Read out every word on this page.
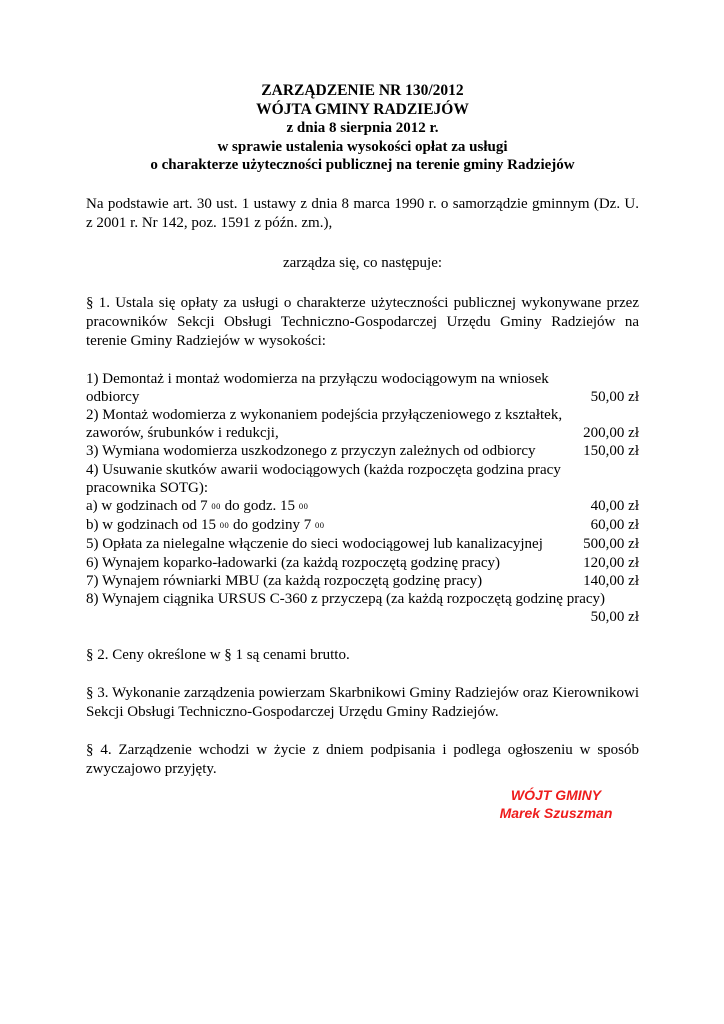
ZARZĄDZENIE NR 130/2012
WÓJTA GMINY RADZIEJÓW
z dnia 8 sierpnia 2012 r.
w sprawie ustalenia wysokości opłat za usługi
o charakterze użyteczności publicznej na terenie gminy Radziejów

Na podstawie art. 30 ust. 1 ustawy z dnia 8 marca 1990 r. o samorządzie gminnym (Dz. U. z 2001 r. Nr 142, poz. 1591 z późn. zm.),

zarządza się, co następuje:

§ 1. Ustala się opłaty za usługi o charakterze użyteczności publicznej wykonywane przez pracowników Sekcji Obsługi Techniczno-Gospodarczej Urzędu Gminy Radziejów na terenie Gminy Radziejów w wysokości:

1) Demontaż i montaż wodomierza na przyłączu wodociągowym na wniosek
odbiorcy	50,00 zł
2) Montaż wodomierza z wykonaniem podejścia przyłączeniowego z kształtek,
zaworów, śrubunków i redukcji,	200,00 zł
3) Wymiana wodomierza uszkodzonego z przyczyn zależnych od odbiorcy	150,00 zł
4) Usuwanie skutków awarii wodociągowych (każda rozpoczęta godzina pracy
pracownika SOTG):
a) w godzinach od 7 00 do godz. 15 00	40,00 zł
b) w godzinach od 15 00 do godziny 7 00	60,00 zł
5) Opłata za nielegalne włączenie do sieci wodociągowej lub kanalizacyjnej	500,00 zł
6) Wynajem koparko-ładowarki (za każdą rozpoczętą godzinę pracy)	120,00 zł
7) Wynajem równiarki MBU (za każdą rozpoczętą godzinę pracy)	140,00 zł
8) Wynajem ciągnika URSUS C-360 z przyczepą (za każdą rozpoczętą godzinę pracy)
50,00 zł

§ 2. Ceny określone w § 1 są cenami brutto.

§ 3. Wykonanie zarządzenia powierzam Skarbnikowi Gminy Radziejów oraz Kierownikowi Sekcji Obsługi Techniczno-Gospodarczej Urzędu Gminy Radziejów.

§ 4. Zarządzenie wchodzi w życie z dniem podpisania i podlega ogłoszeniu w sposób zwyczajowo przyjęty.

WÓJT GMINY
Marek Szuszman
